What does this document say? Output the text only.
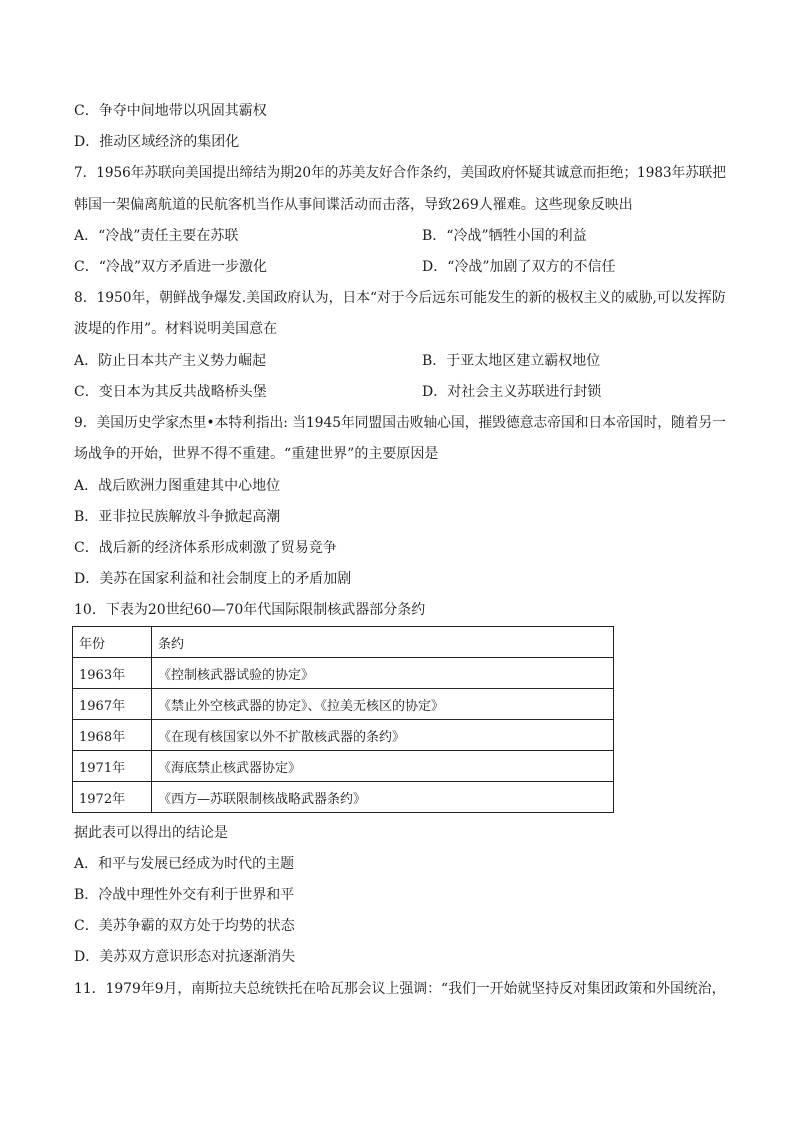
C．争夺中间地带以巩固其霸权
D．推动区域经济的集团化
7．1956年苏联向美国提出缔结为期20年的苏美友好合作条约，美国政府怀疑其诚意而拒绝；1983年苏联把
韩国一架偏离航道的民航客机当作从事间谍活动而击落，导致269人罹难。这些现象反映出
A．“冷战”责任主要在苏联	B．“冷战”牺牲小国的利益
C．“冷战”双方矛盾进一步激化	D．“冷战”加剧了双方的不信任
8．1950年，朝鲜战争爆发.美国政府认为，日本“对于今后远东可能发生的新的极权主义的威胁,可以发挥防
波堤的作用”。材料说明美国意在
A．防止日本共产主义势力崛起	B．于亚太地区建立霸权地位
C．变日本为其反共战略桥头堡	D．对社会主义苏联进行封锁
9．美国历史学家杰里•本特利指出: 当1945年同盟国击败轴心国，摧毁德意志帝国和日本帝国时，随着另一
场战争的开始，世界不得不重建。“重建世界”的主要原因是
A．战后欧洲力图重建其中心地位
B．亚非拉民族解放斗争掀起高潮
C．战后新的经济体系形成刺激了贸易竞争
D．美苏在国家利益和社会制度上的矛盾加剧
10．下表为20世纪60—70年代国际限制核武器部分条约
年份	条约
1963年	《控制核武器试验的协定》
1967年	《禁止外空核武器的协定》、《拉美无核区的协定》
1968年	《在现有核国家以外不扩散核武器的条约》
1971年	《海底禁止核武器协定》
1972年	《西方—苏联限制核战略武器条约》
据此表可以得出的结论是
A．和平与发展已经成为时代的主题
B．冷战中理性外交有利于世界和平
C．美苏争霸的双方处于均势的状态
D．美苏双方意识形态对抗逐渐消失
11．1979年9月，南斯拉夫总统铁托在哈瓦那会议上强调：“我们一开始就坚持反对集团政策和外国统治，
